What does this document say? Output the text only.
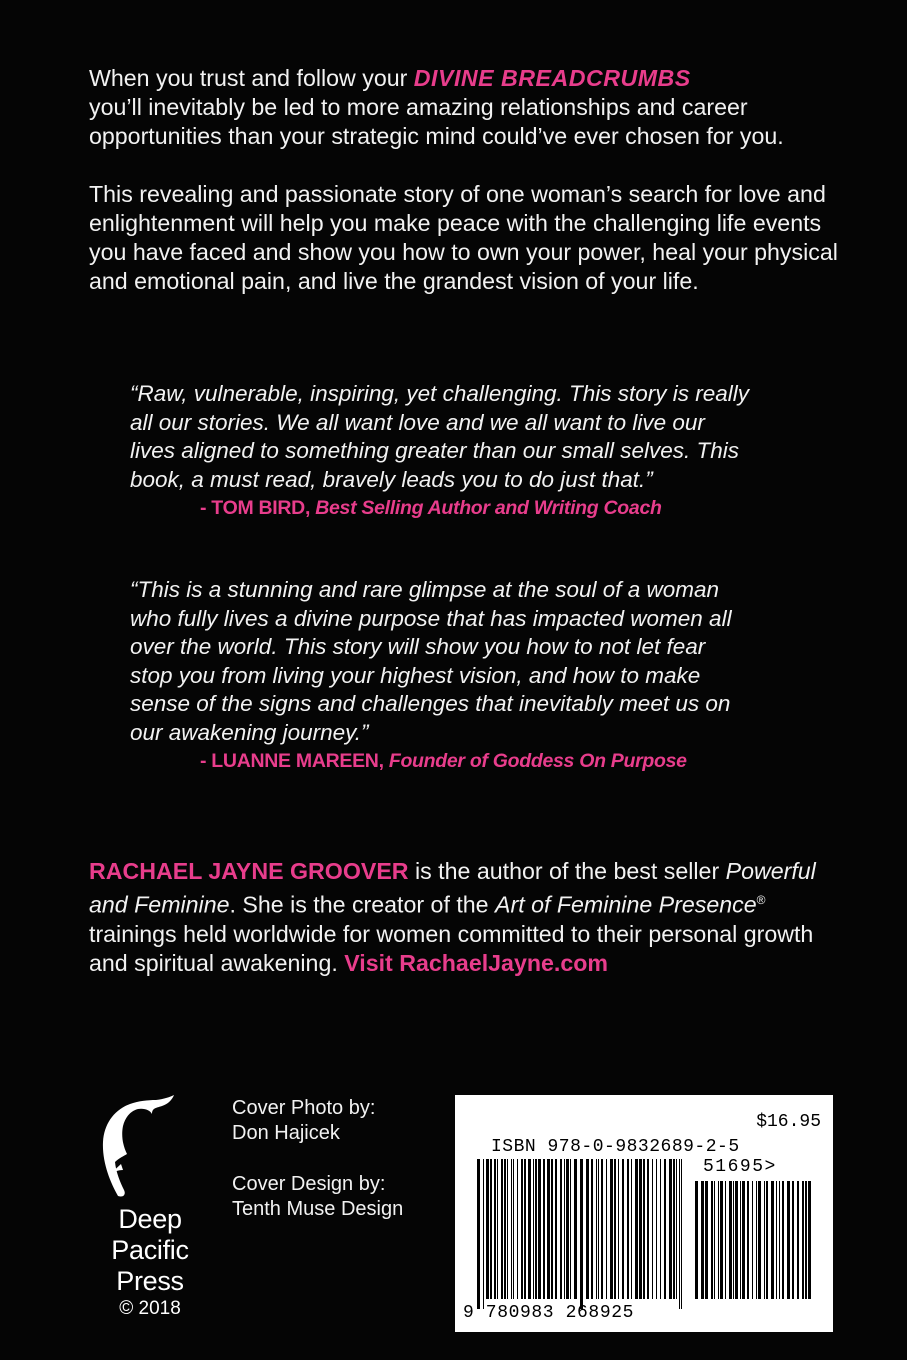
When you trust and follow your DIVINE BREADCRUMBS
you’ll inevitably be led to more amazing relationships and career opportunities than your strategic mind could’ve ever chosen for you.

This revealing and passionate story of one woman’s search for love and enlightenment will help you make peace with the challenging life events you have faced and show you how to own your power, heal your physical and emotional pain, and live the grandest vision of your life.

“Raw, vulnerable, inspiring, yet challenging. This story is really all our stories. We all want love and we all want to live our lives aligned to something greater than our small selves. This book, a must read, bravely leads you to do just that.”
- TOM BIRD, Best Selling Author and Writing Coach
“This is a stunning and rare glimpse at the soul of a woman who fully lives a divine purpose that has impacted women all over the world. This story will show you how to not let fear stop you from living your highest vision, and how to make sense of the signs and challenges that inevitably meet us on our awakening journey.”
- LUANNE MAREEN, Founder of Goddess On Purpose
RACHAEL JAYNE GROOVER is the author of the best seller Powerful and Feminine. She is the creator of the Art of Feminine Presence® trainings held worldwide for women committed to their personal growth and spiritual awakening. Visit RachaelJayne.com
Deep
Pacific
Press
© 2018

Cover Photo by:
Don Hajicek

Cover Design by:
Tenth Muse Design

$16.95
ISBN 978-0-9832689-2-5
51695>
9 780983 268925
